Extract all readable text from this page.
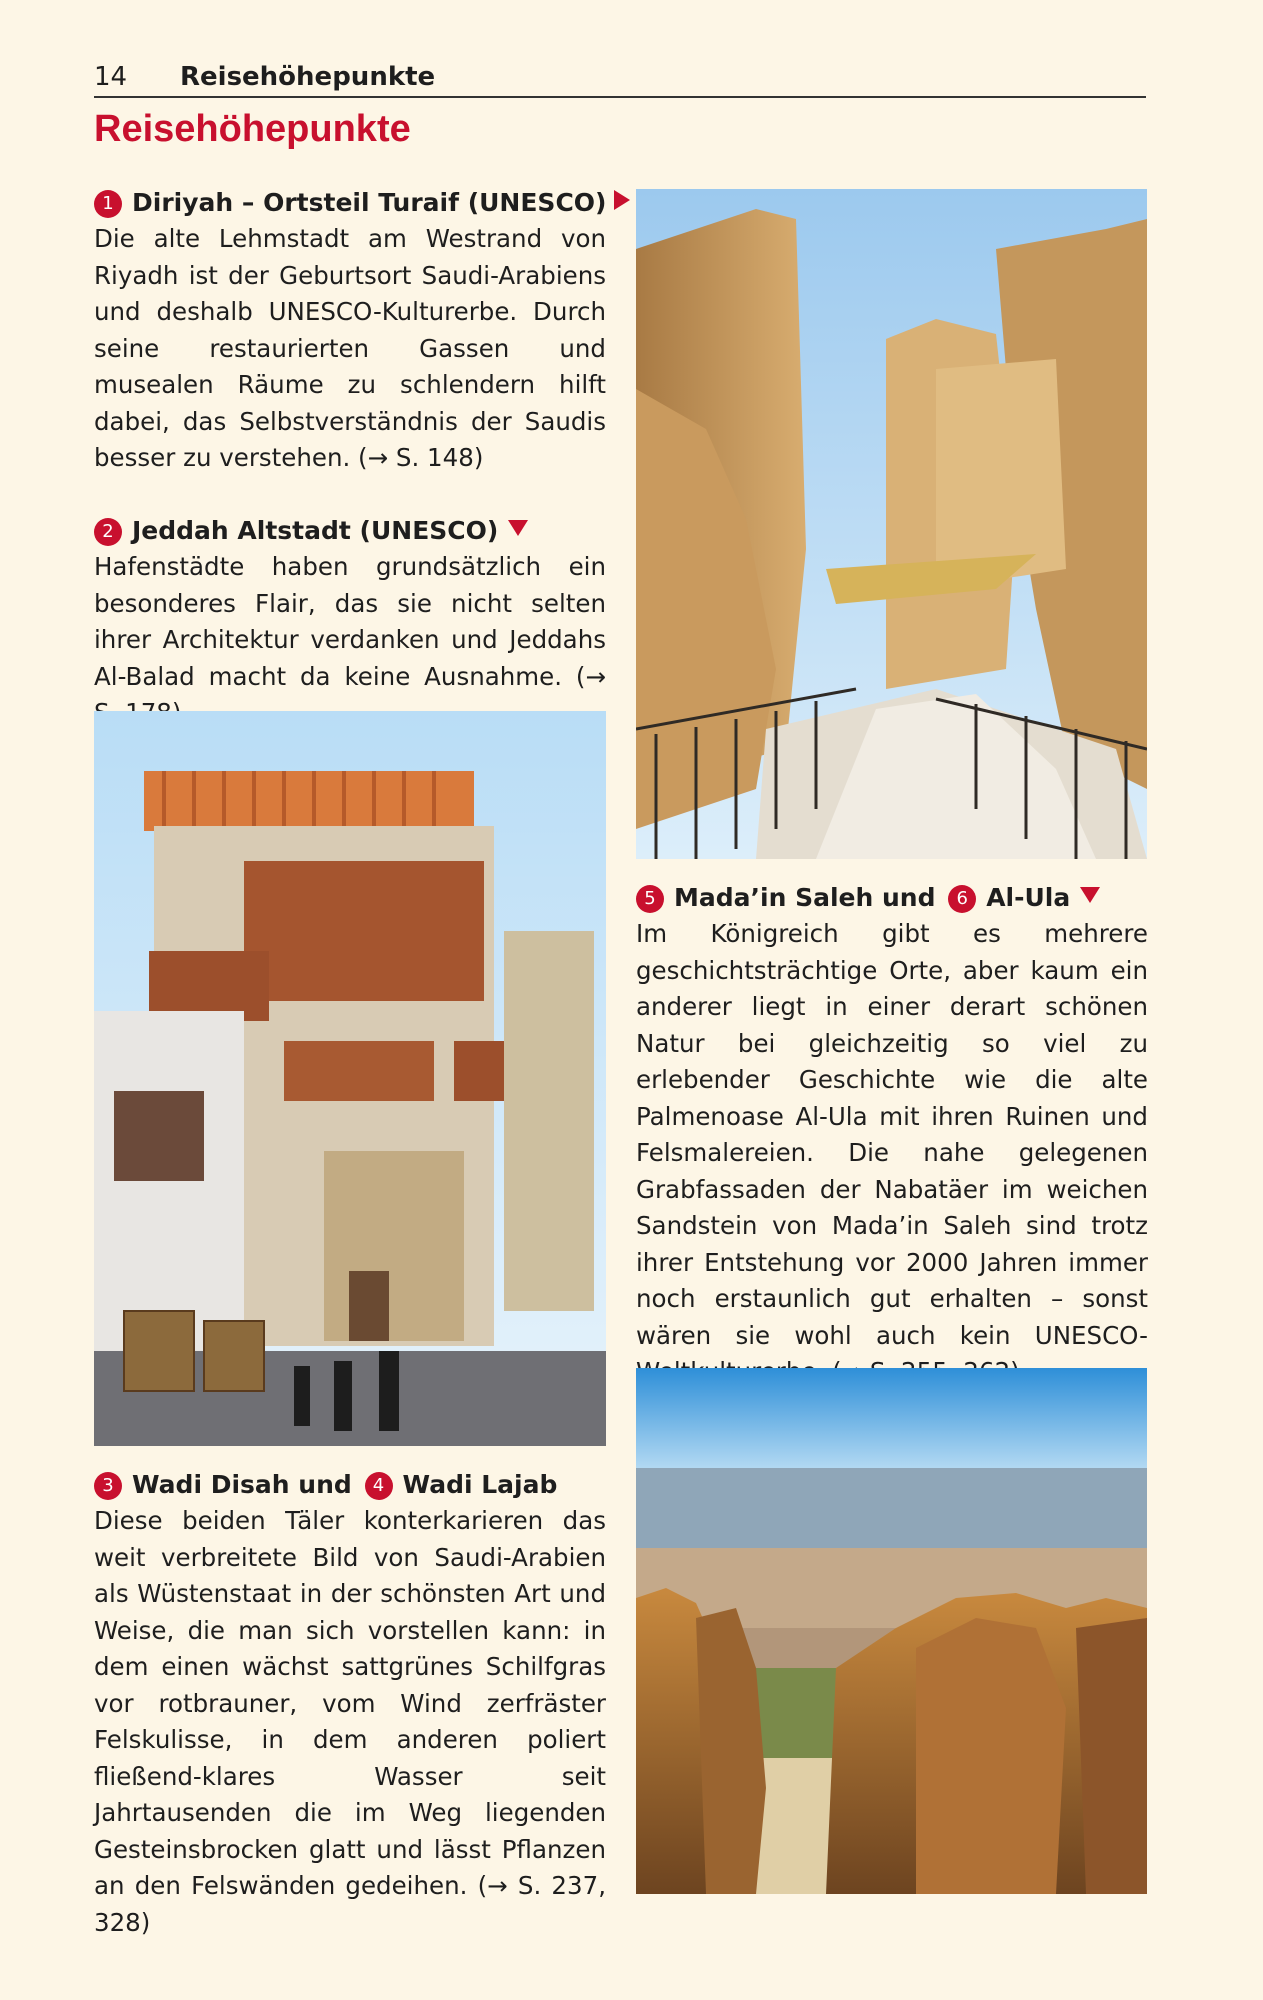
14 Reisehöhepunkte
Reisehöhepunkte

1 Diriyah – Ortsteil Turaif (UNESCO)

Die alte Lehmstadt am Westrand von Riyadh ist der Geburtsort Saudi-Arabiens und deshalb UNESCO-Kulturerbe. Durch seine restaurierten Gassen und musealen Räume zu schlendern hilft dabei, das Selbstverständnis der Saudis besser zu verstehen. (→ S. 148)

2 Jeddah Altstadt (UNESCO)

Hafenstädte haben grundsätzlich ein besonderes Flair, das sie nicht selten ihrer Architektur verdanken und Jeddahs Al-Balad macht da keine Ausnahme. (→

3 Wadi Disah und 4 Wadi Lajab

Diese beiden Täler konterkarieren das weit verbreitete Bild von Saudi-Arabien als Wüstenstaat in der schönsten Art und Weise, die man sich vorstellen kann: in dem einen wächst sattgrünes Schilfgras vor rotbrauner, vom Wind zerfräster Felskulisse, in dem anderen poliert fließend-klares Wasser seit Jahrtausenden die im Weg liegenden Gesteinsbrocken glatt und lässt Pflanzen an den Felswänden gedeihen. (→ S. 237, 328)

5 Mada’in Saleh und 6 Al-Ula

Im Königreich gibt es mehrere geschichtsträchtige Orte, aber kaum ein anderer liegt in einer derart schönen Natur bei gleichzeitig so viel zu erlebender Geschichte wie die alte Palmenoase Al-Ula mit ihren Ruinen und Felsmalereien. Die nahe gelegenen Grabfassaden der Nabatäer im weichen Sandstein von Mada’in Saleh sind trotz ihrer Entstehung vor 2000 Jahren immer noch erstaunlich gut erhalten – sonst wären sie wohl auch kein UNESCO-
